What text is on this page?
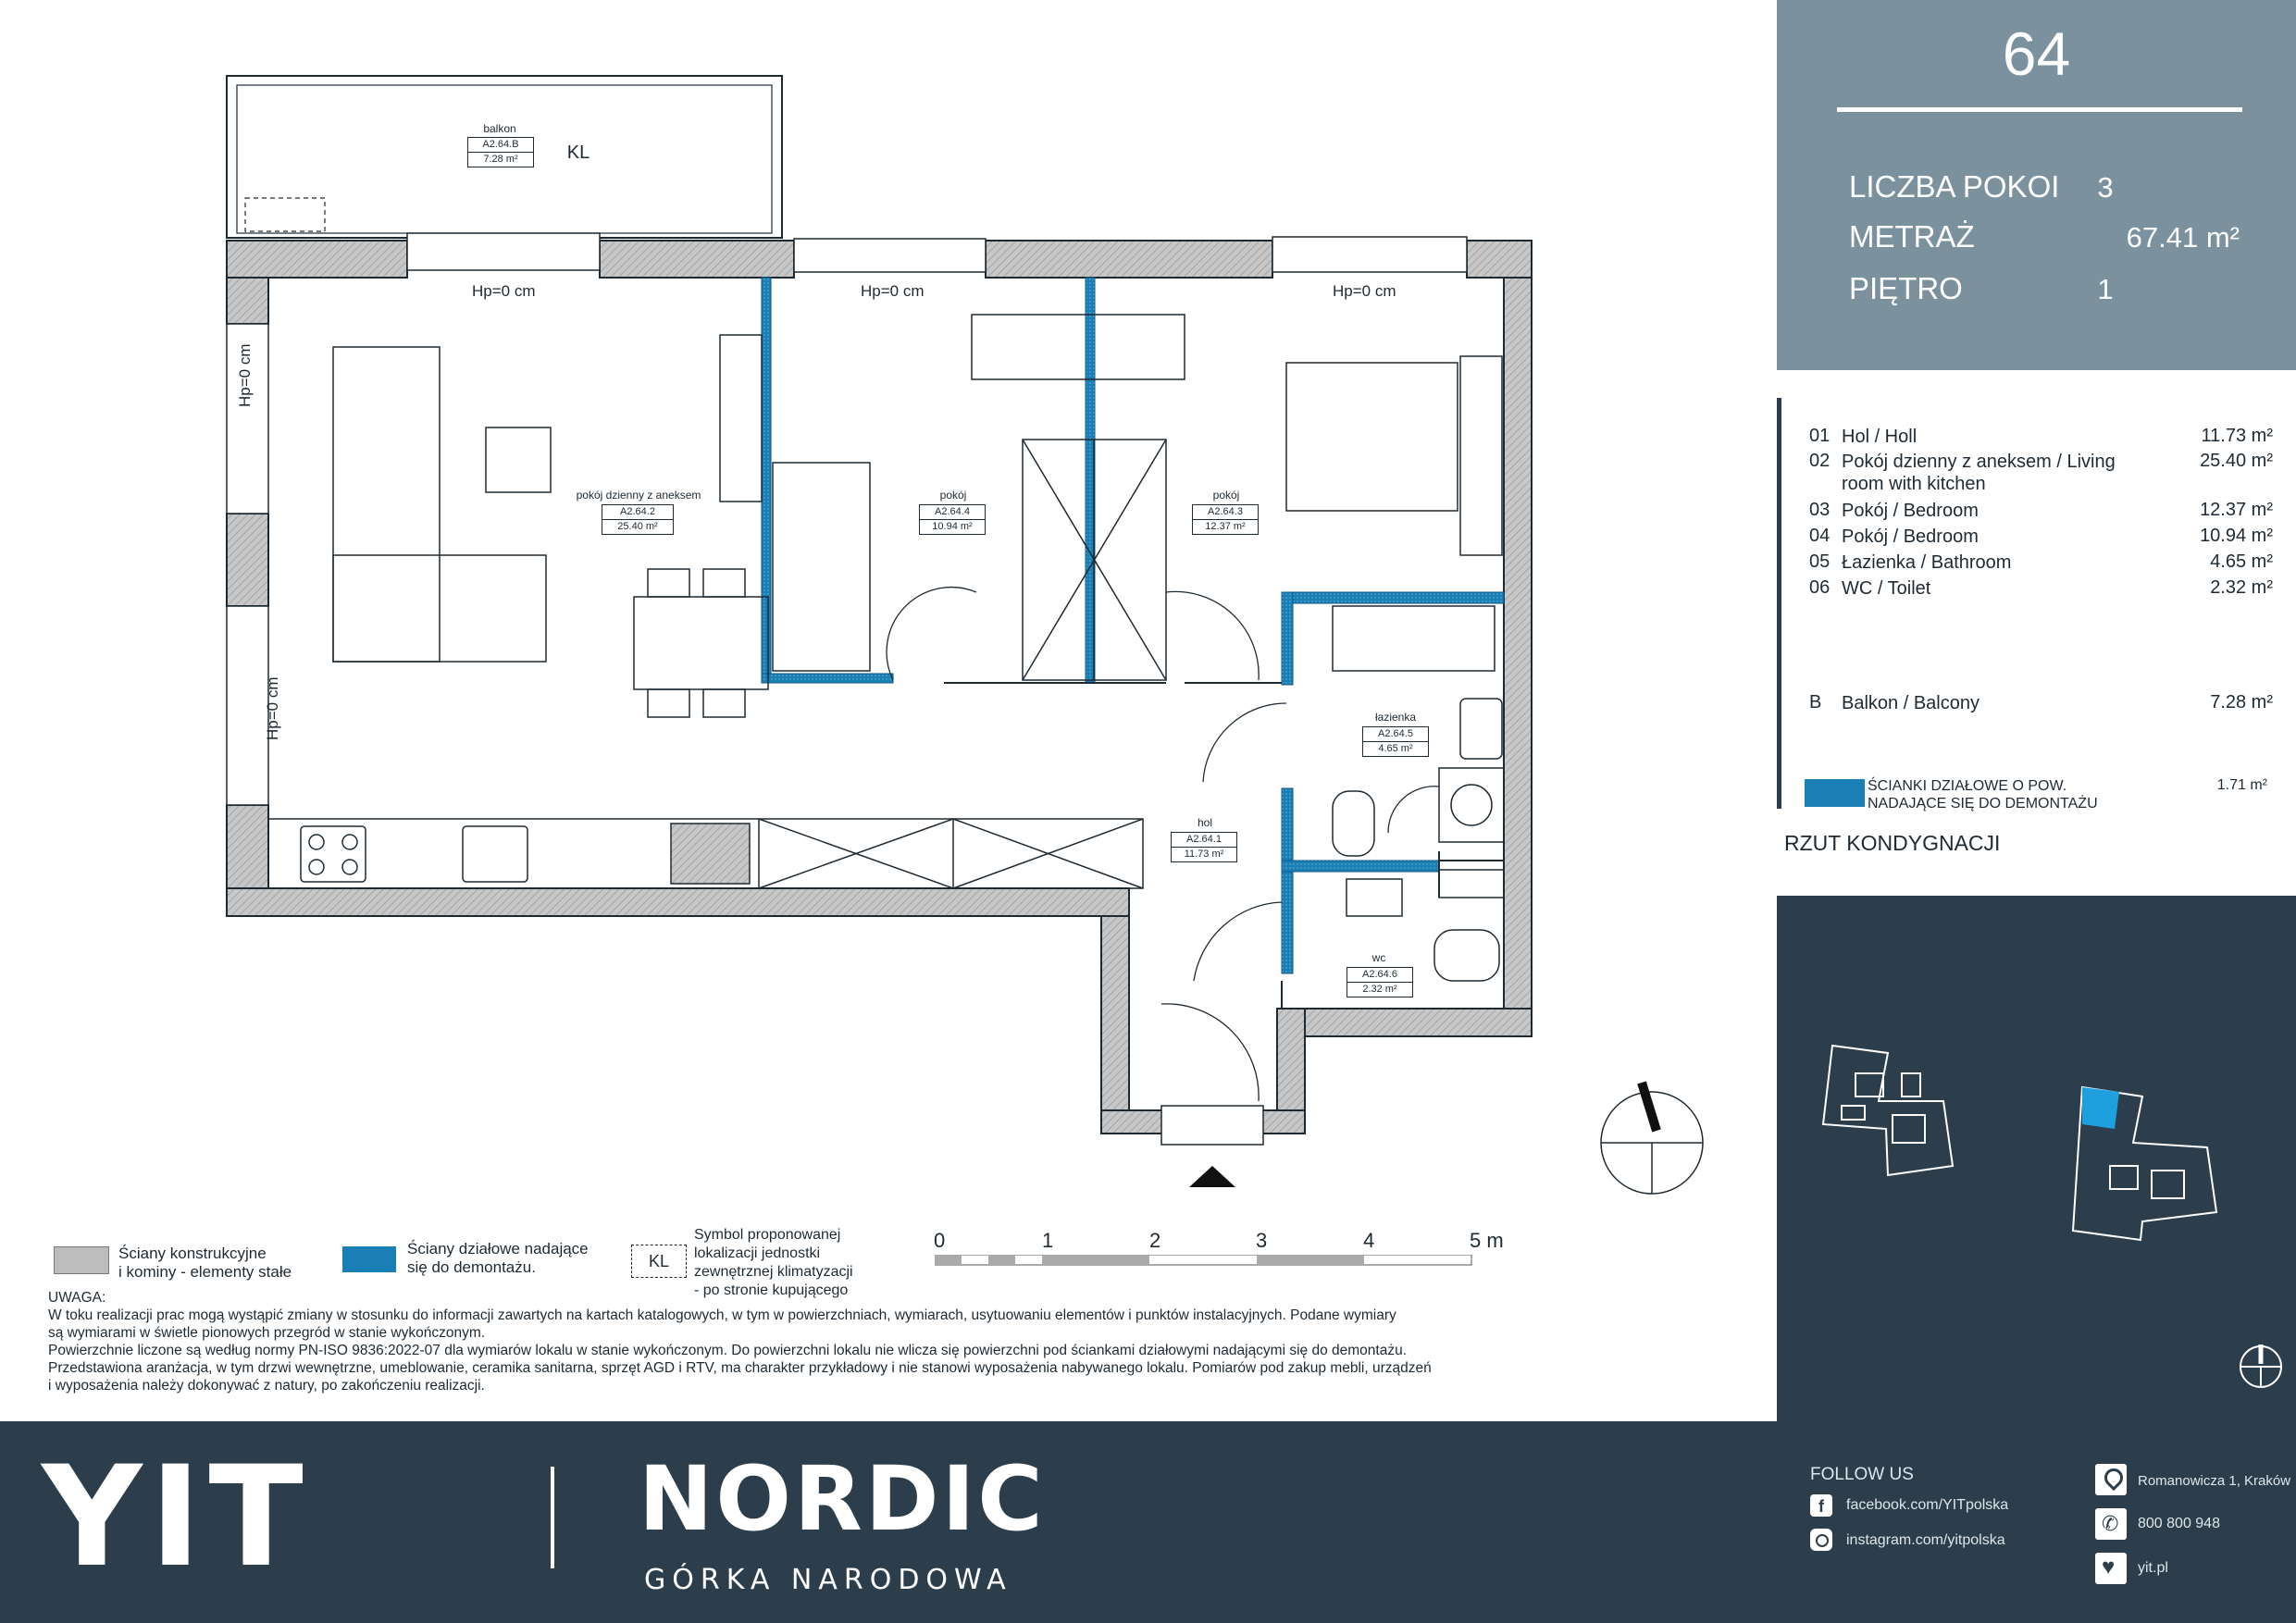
balkon
A2.64.B
7.28 m²	KL
pokój dzienny z aneksem
A2.64.2
25.40 m²
pokój
A2.64.4
10.94 m²
pokój
A2.64.3
12.37 m²
łazienka
A2.64.5
4.65 m²
hol
A2.64.1
11.73 m²
wc
A2.64.6
2.32 m²
Hp=0 cm	Hp=0 cm	Hp=0 cm
Hp=0 cm
Hp=0 cm
64
LICZBA POKOI	3
METRAŻ	67.41 m²
PIĘTRO	1
01 Hol / Holl	11.73 m²
02 Pokój dzienny z aneksem / Living room with kitchen
25.40 m²
03 Pokój / Bedroom	12.37 m²
04 Pokój / Bedroom	10.94 m²
05 Łazienka / Bathroom	4.65 m²
06 WC / Toilet	2.32 m²
B Balkon / Balcony	7.28 m²
ŚCIANKI DZIAŁOWE O POW.
NADAJĄCE SIĘ DO DEMONTAŻU
1.71 m²
RZUT KONDYGNACJI
Ściany konstrukcyjne
i kominy - elementy stałe
Ściany działowe nadające
się do demontażu.	KL
Symbol proponowanej
lokalizacji jednostki
zewnętrznej klimatyzacji
- po stronie kupującego
0	1	2	3	4	5 m
UWAGA:
W toku realizacji prac mogą wystąpić zmiany w stosunku do informacji zawartych na kartach katalogowych, w tym w powierzchniach, wymiarach, usytuowaniu elementów i punktów instalacyjnych. Podane wymiary
są wymiarami w świetle pionowych przegród w stanie wykończonym.
Powierzchnie liczone są według normy PN-ISO 9836:2022-07 dla wymiarów lokalu w stanie wykończonym. Do powierzchni lokalu nie wlicza się powierzchni pod ściankami działowymi nadającymi się do demontażu.
Przedstawiona aranżacja, w tym drzwi wewnętrzne, umeblowanie, ceramika sanitarna, sprzęt AGD i RTV, ma charakter przykładowy i nie stanowi wyposażenia nabywanego lokalu. Pomiarów pod zakup mebli, urządzeń
i wyposażenia należy dokonywać z natury, po zakończeniu realizacji.
YIT	NORDIC
GÓRKA NARODOWA
FOLLOW US
f	facebook.com/YITpolska
instagram.com/yitpolska
Romanowicza 1, Kraków
✆ 800 800 948
♥ yit.pl
